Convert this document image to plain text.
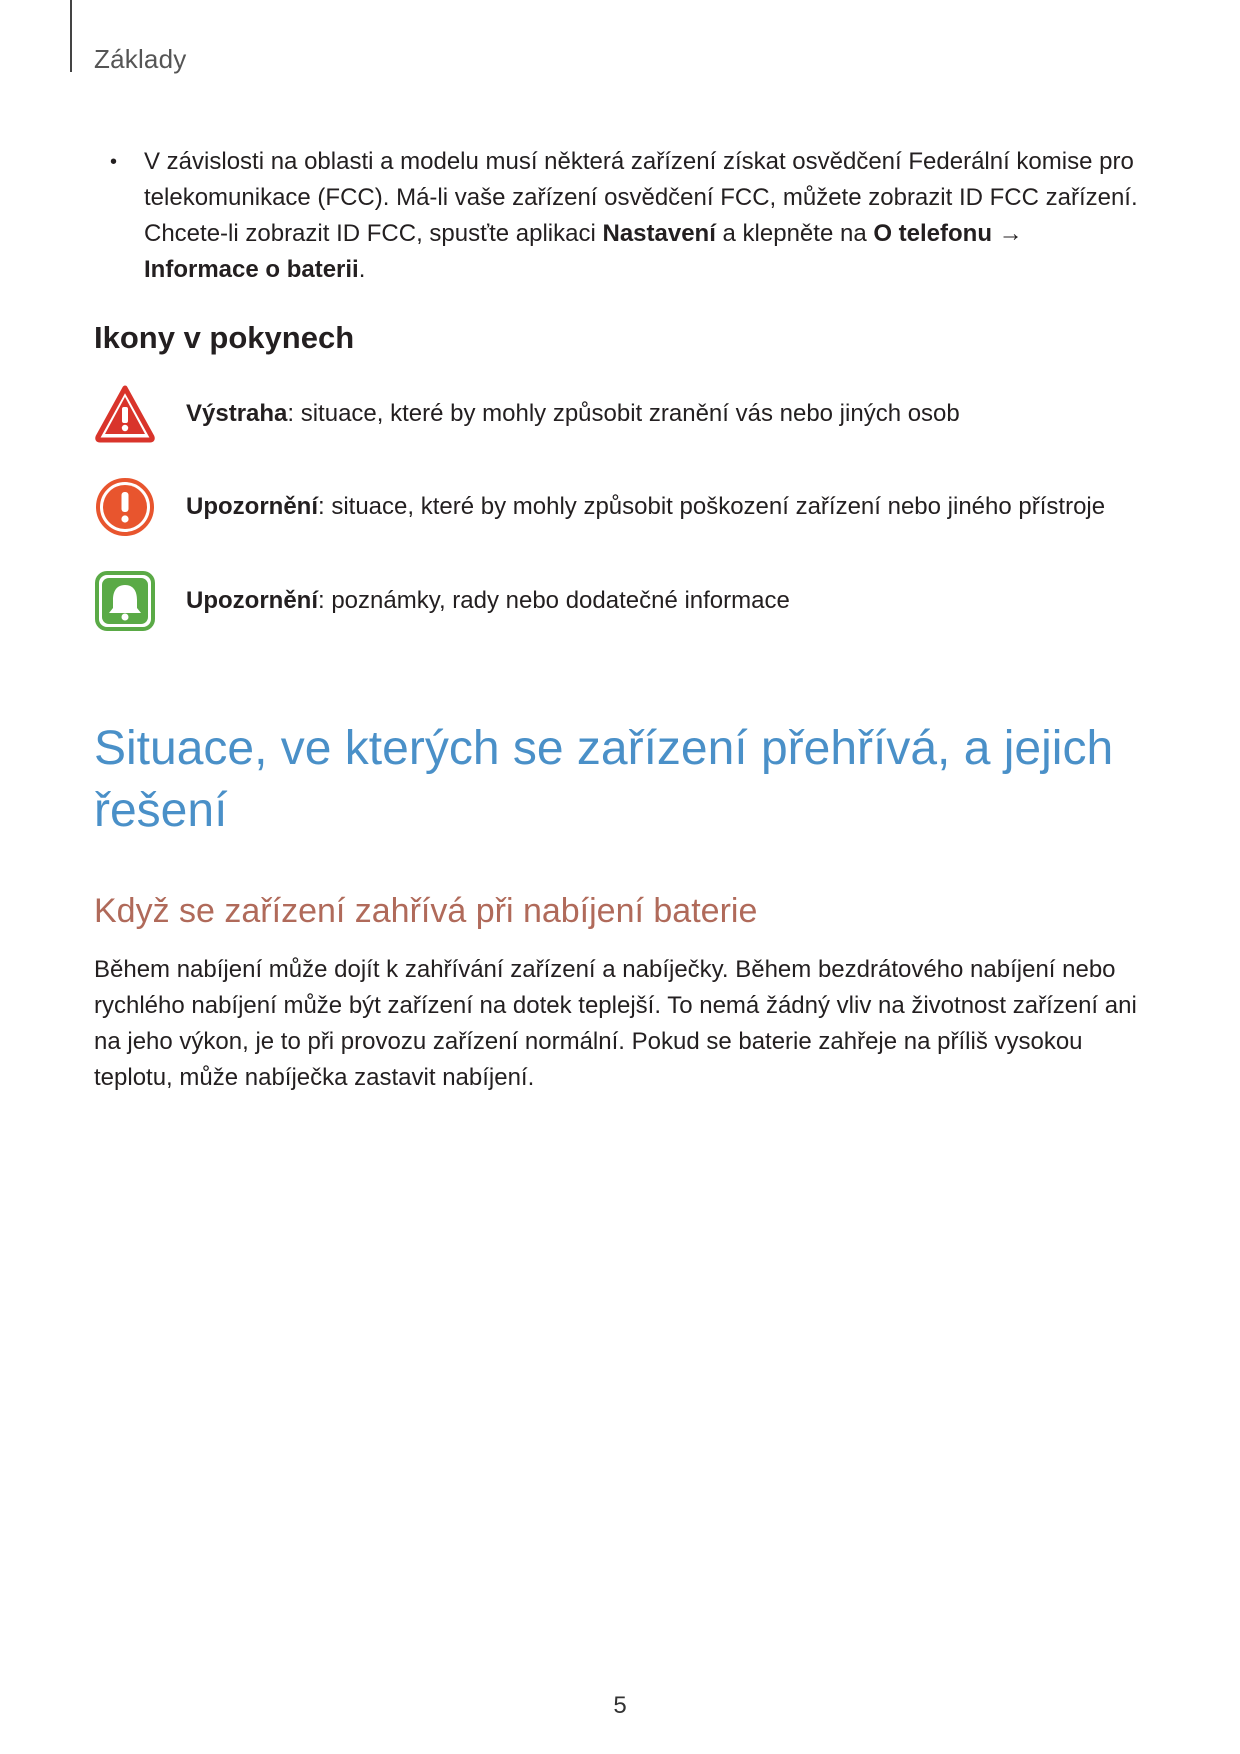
Základy
• V závislosti na oblasti a modelu musí některá zařízení získat osvědčení Federální komise pro telekomunikace (FCC). Má-li vaše zařízení osvědčení FCC, můžete zobrazit ID FCC zařízení. Chcete-li zobrazit ID FCC, spusťte aplikaci Nastavení a klepněte na O telefonu → Informace o baterii.
Ikony v pokynech
Výstraha: situace, které by mohly způsobit zranění vás nebo jiných osob
Upozornění: situace, které by mohly způsobit poškození zařízení nebo jiného přístroje
Upozornění: poznámky, rady nebo dodatečné informace
Situace, ve kterých se zařízení přehřívá, a jejich řešení
Když se zařízení zahřívá při nabíjení baterie

Během nabíjení může dojít k zahřívání zařízení a nabíječky. Během bezdrátového nabíjení nebo rychlého nabíjení může být zařízení na dotek teplejší. To nemá žádný vliv na životnost zařízení ani na jeho výkon, je to při provozu zařízení normální. Pokud se baterie zahřeje na příliš vysokou teplotu, může nabíječka zastavit nabíjení.

5
